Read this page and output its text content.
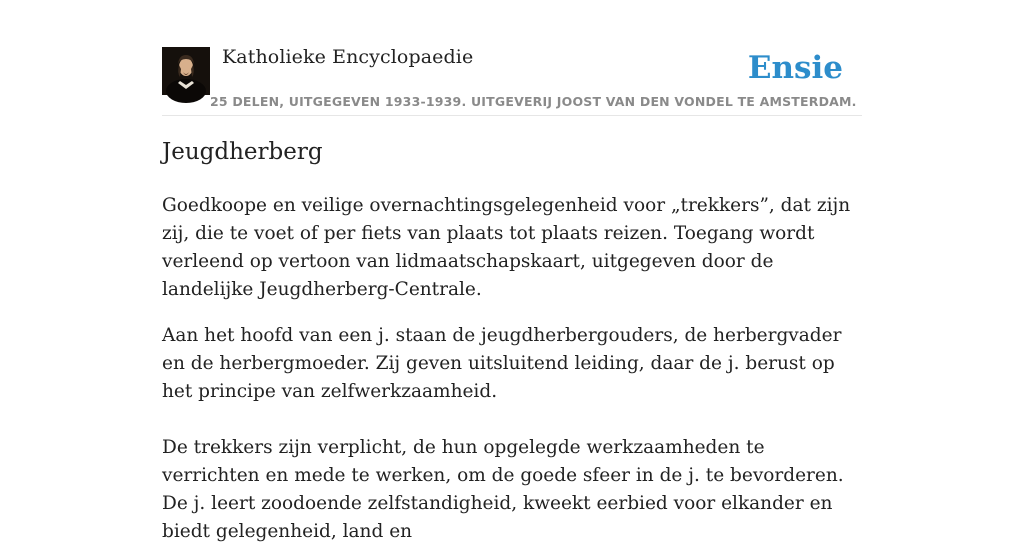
Katholieke Encyclopaedie	Ensie
25 DELEN, UITGEGEVEN 1933-1939. UITGEVERIJ JOOST VAN DEN VONDEL TE AMSTERDAM.
Jeugdherberg

Goedkoope en veilige overnachtingsgelegenheid voor „trekkers”, dat zijn zij, die te voet of per fiets van plaats tot plaats reizen. Toegang wordt verleend op vertoon van lidmaatschapskaart, uitgegeven door de landelijke Jeugdherberg-Centrale.

Aan het hoofd van een j. staan de jeugdherbergouders, de herbergvader en de herbergmoeder. Zij geven uitsluitend leiding, daar de j. berust op het principe van zelfwerkzaamheid.

De trekkers zijn verplicht, de hun opgelegde werkzaamheden te verrichten en mede te werken, om de goede sfeer in de j. te bevorderen. De j. leert zoodoende zelfstandigheid, kweekt eerbied voor elkander en biedt gelegenheid, land en
